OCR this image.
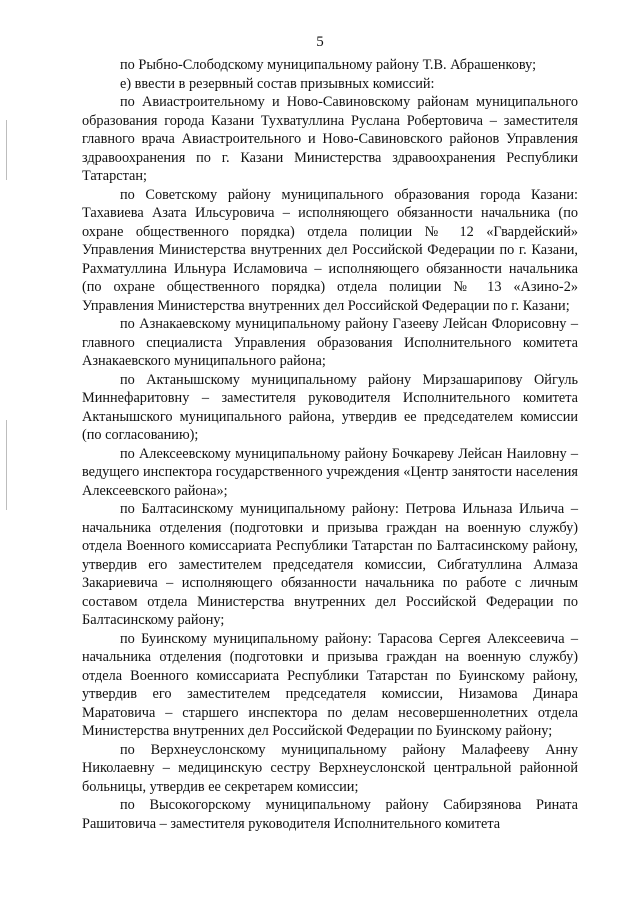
5

по Рыбно-Слободскому муниципальному району Т.В. Абрашенкову;

е) ввести в резервный состав призывных комиссий:

по Авиастроительному и Ново-Савиновскому районам муниципального образования города Казани Тухватуллина Руслана Робертовича – заместителя главного врача Авиастроительного и Ново-Савиновского районов Управления здравоохранения по г. Казани Министерства здравоохранения Республики Татарстан;

по Советскому району муниципального образования города Казани: Тахавиева Азата Ильсуровича – исполняющего обязанности начальника (по охране общественного порядка) отдела полиции № 12 «Гвардейский» Управления Министерства внутренних дел Российской Федерации по г. Казани, Рахматуллина Ильнура Исламовича – исполняющего обязанности начальника (по охране общественного порядка) отдела полиции № 13 «Азино-2» Управления Министерства внутренних дел Российской Федерации по г. Казани;

по Азнакаевскому муниципальному району Газееву Лейсан Флорисовну – главного специалиста Управления образования Исполнительного комитета Азнакаевского муниципального района;

по Актанышскому муниципальному району Мирзашарипову Ойгуль Миннефаритовну – заместителя руководителя Исполнительного комитета Актанышского муниципального района, утвердив ее председателем комиссии (по согласованию);

по Алексеевскому муниципальному району Бочкареву Лейсан Наиловну – ведущего инспектора государственного учреждения «Центр занятости населения Алексеевского района»;

по Балтасинскому муниципальному району: Петрова Ильназа Ильича – начальника отделения (подготовки и призыва граждан на военную службу) отдела Военного комиссариата Республики Татарстан по Балтасинскому району, утвердив его заместителем председателя комиссии, Сибгатуллина Алмаза Закариевича – исполняющего обязанности начальника по работе с личным составом отдела Министерства внутренних дел Российской Федерации по Балтасинскому району;

по Буинскому муниципальному району: Тарасова Сергея Алексеевича – начальника отделения (подготовки и призыва граждан на военную службу) отдела Военного комиссариата Республики Татарстан по Буинскому району, утвердив его заместителем председателя комиссии, Низамова Динара Маратовича – старшего инспектора по делам несовершеннолетних отдела Министерства внутренних дел Российской Федерации по Буинскому району;

по Верхнеуслонскому муниципальному району Малафееву Анну Николаевну – медицинскую сестру Верхнеуслонской центральной районной больницы, утвердив ее секретарем комиссии;

по Высокогорскому муниципальному району Сабирзянова Рината Рашитовича – заместителя руководителя Исполнительного комитета
